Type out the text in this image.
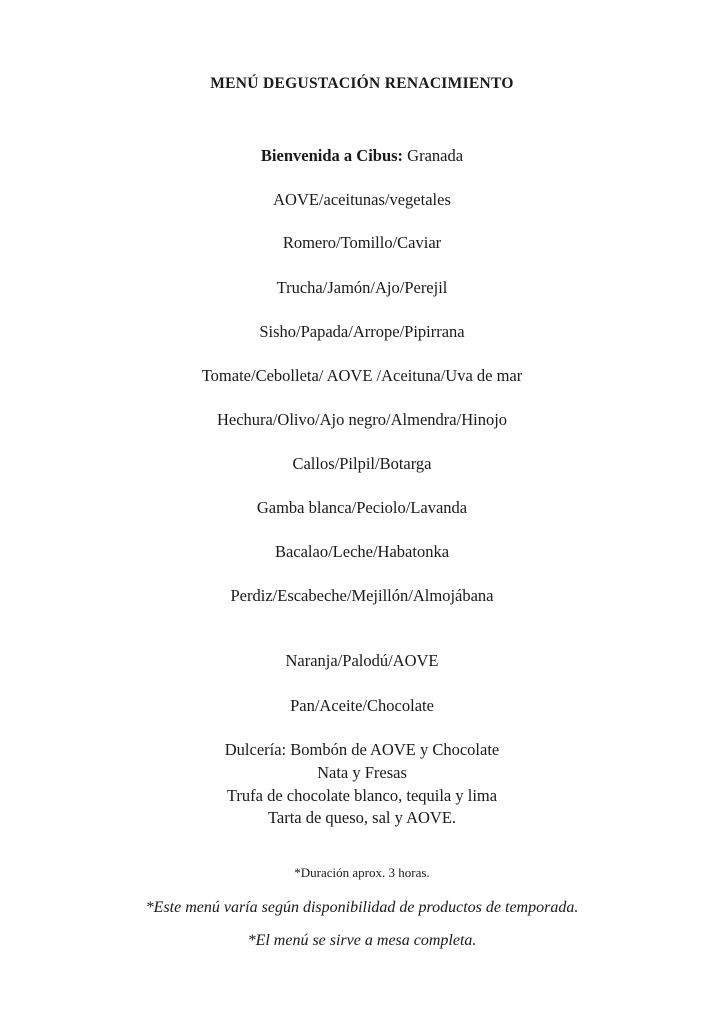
MENÚ DEGUSTACIÓN RENACIMIENTO
Bienvenida a Cibus: Granada
AOVE/aceitunas/vegetales
Romero/Tomillo/Caviar
Trucha/Jamón/Ajo/Perejil
Sisho/Papada/Arrope/Pipirrana
Tomate/Cebolleta/ AOVE /Aceituna/Uva de mar
Hechura/Olivo/Ajo negro/Almendra/Hinojo
Callos/Pilpil/Botarga
Gamba blanca/Peciolo/Lavanda
Bacalao/Leche/Habatonka
Perdiz/Escabeche/Mejillón/Almojábana
Naranja/Palodú/AOVE
Pan/Aceite/Chocolate
Dulcería: Bombón de AOVE y Chocolate
Nata y Fresas
Trufa de chocolate blanco, tequila y lima
Tarta de queso, sal y AOVE.
*Duración aprox. 3 horas.
*Este menú varía según disponibilidad de productos de temporada.
*El menú se sirve a mesa completa.
